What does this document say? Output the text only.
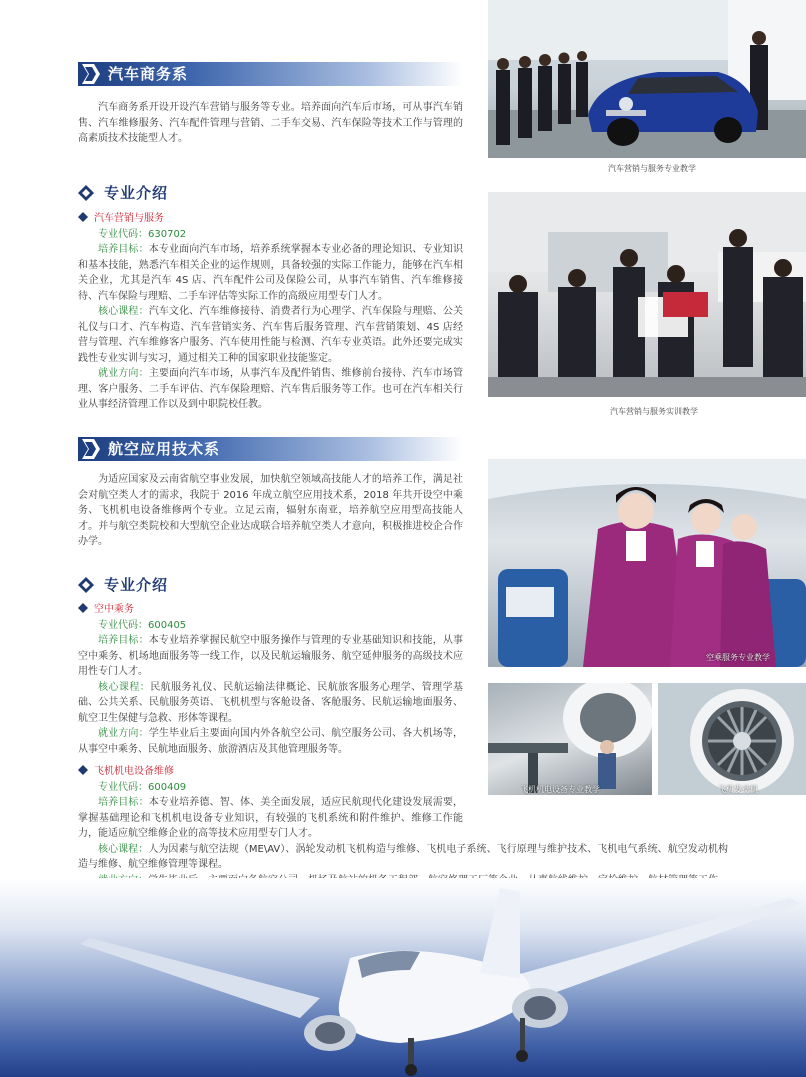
汽车商务系
汽车商务系开设开设汽车营销与服务等专业。培养面向汽车后市场，可从事汽车销售、汽车维修服务、汽车配件管理与营销、二手车交易、汽车保险等技术工作与管理的高素质技术技能型人才。
专业介绍
汽车营销与服务
专业代码：630702
培养目标：本专业面向汽车市场，培养系统掌握本专业必备的理论知识、专业知识和基本技能，熟悉汽车相关企业的运作规则，具备较强的实际工作能力，能够在汽车相关企业，尤其是汽车 4S 店、汽车配件公司及保险公司，从事汽车销售、汽车维修接待、汽车保险与理赔、二手车评估等实际工作的高级应用型专门人才。
核心课程：汽车文化、汽车维修接待、消费者行为心理学、汽车保险与理赔、公关礼仪与口才、汽车构造、汽车营销实务、汽车售后服务管理、汽车营销策划、4S 店经营与管理、汽车维修客户服务、汽车使用性能与检测、汽车专业英语。此外还要完成实践性专业实训与实习，通过相关工种的国家职业技能鉴定。
就业方向：主要面向汽车市场，从事汽车及配件销售、维修前台接待、汽车市场管理、客户服务、二手车评估、汽车保险理赔、汽车售后服务等工作。也可在汽车相关行业从事经济管理工作以及到中职院校任教。
汽车营销与服务专业教学
汽车营销与服务实训教学
航空应用技术系
为适应国家及云南省航空事业发展，加快航空领域高技能人才的培养工作，满足社会对航空类人才的需求，我院于 2016 年成立航空应用技术系，2018 年共开设空中乘务、飞机机电设备维修两个专业。立足云南，辐射东南亚，培养航空应用型高技能人才。并与航空类院校和大型航空企业达成联合培养航空类人才意向，积极推进校企合作办学。
专业介绍
空中乘务
专业代码：600405
培养目标：本专业培养掌握民航空中服务操作与管理的专业基础知识和技能，从事空中乘务、机场地面服务等一线工作，以及民航运输服务、航空延伸服务的高级技术应用性专门人才。
核心课程：民航服务礼仪、民航运输法律概论、民航旅客服务心理学、管理学基础、公共关系、民航服务英语、飞机机型与客舱设备、客舱服务、民航运输地面服务、航空卫生保健与急救、形体等课程。
就业方向：学生毕业后主要面向国内外各航空公司、航空服务公司、各大机场等，从事空中乘务、民航地面服务、旅游酒店及其他管理服务等。
飞机机电设备维修
专业代码：600409
培养目标：本专业培养德、智、体、美全面发展，适应民航现代化建设发展需要，掌握基础理论和飞机机电设备专业知识，有较强的飞机系统和附件维护、维修工作能力，能适应航空维修企业的高等技术应用型专门人才。
核心课程：人为因素与航空法规（ME\AV）、涡轮发动机飞机构造与维修、飞机电子系统、飞行原理与维护技术、飞机电气系统、航空发动机构造与维修、航空维修管理等课程。
空乘服务专业教学
飞机机电设备专业教学	飞机发动机
